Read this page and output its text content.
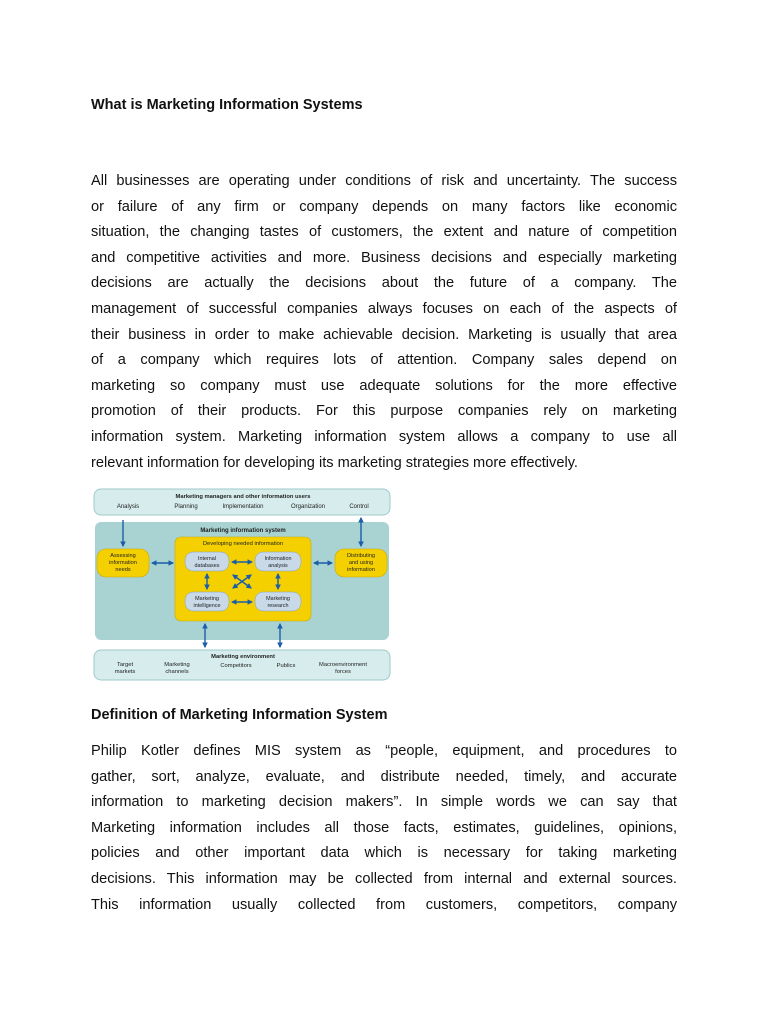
What is Marketing Information Systems
All businesses are operating under conditions of risk and uncertainty. The success
or failure of any firm or company depends on many factors like economic
situation, the changing tastes of customers, the extent and nature of competition
and competitive activities and more. Business decisions and especially marketing
decisions are actually the decisions about the future of a company. The
management of successful companies always focuses on each of the aspects of
their business in order to make achievable decision. Marketing is usually that area
of a company which requires lots of attention. Company sales depend on
marketing so company must use adequate solutions for the more effective
promotion of their products. For this purpose companies rely on marketing
information system. Marketing information system allows a company to use all
relevant information for developing its marketing strategies more effectively.
Marketing managers and other information users
Analysis	Planning	Implementation	Organization	Control
Marketing information system
Developing needed information
Assessing
information
needs
Distributing
and using
information
Internal
databases
Information
analysis
Marketing
intelligence
Marketing
research
Marketing environment
Target
markets
Marketing
channels
Competitors	Publics	Macroenvironment
forces
Definition of Marketing Information System
Philip Kotler defines MIS system as “people, equipment, and procedures to
gather, sort, analyze, evaluate, and distribute needed, timely, and accurate
information to marketing decision makers”. In simple words we can say that
Marketing information includes all those facts, estimates, guidelines, opinions,
policies and other important data which is necessary for taking marketing
decisions. This information may be collected from internal and external sources.
This information usually collected from customers, competitors, company
